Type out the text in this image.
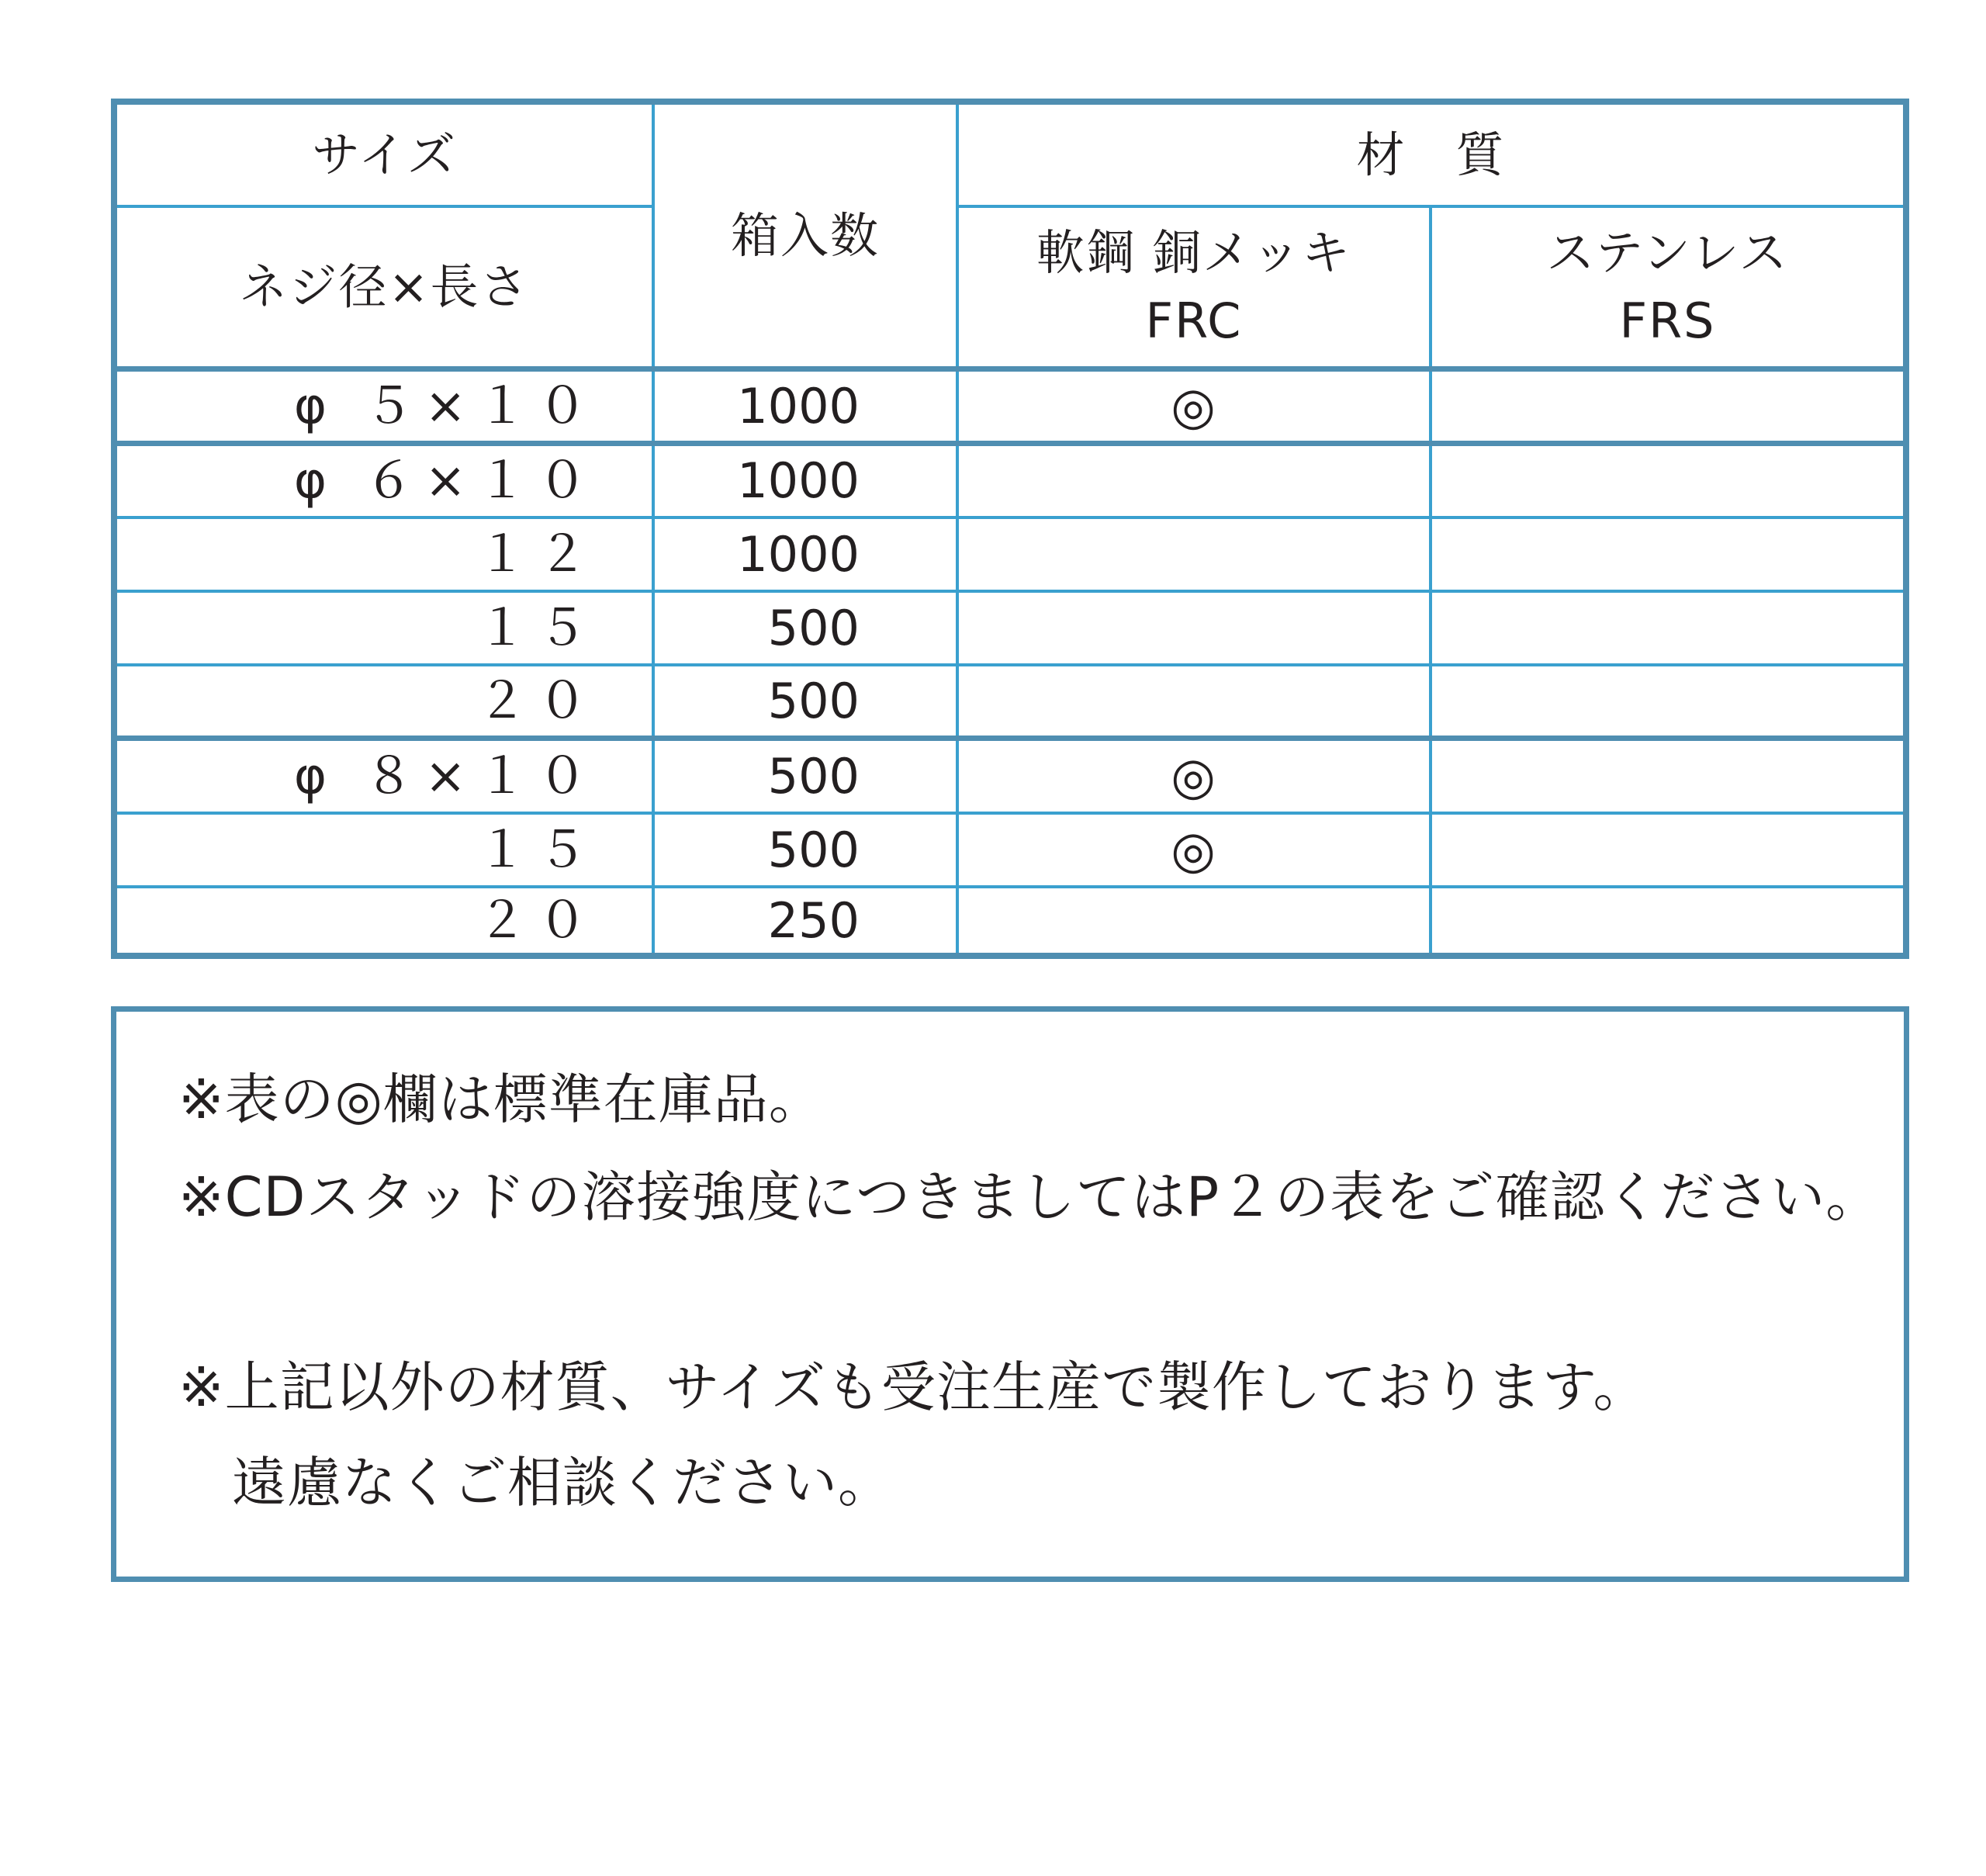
サイズ
ネジ径×長さ
箱入数
材　質
軟鋼 銅メッキ
FRC
ステンレス
FRS
φ ５×１０	1000	◎
φ ６×１０	1000
１２	1000
１５	500
２０	500
φ ８×１０	500	◎
１５	500	◎
２０	250
※表の◎欄は標準在庫品。
※CDスタッドの溶接強度につきましてはP２の表をご確認ください。
※上記以外の材質、サイズも受注生産で製作しております。
遠慮なくご相談ください。
